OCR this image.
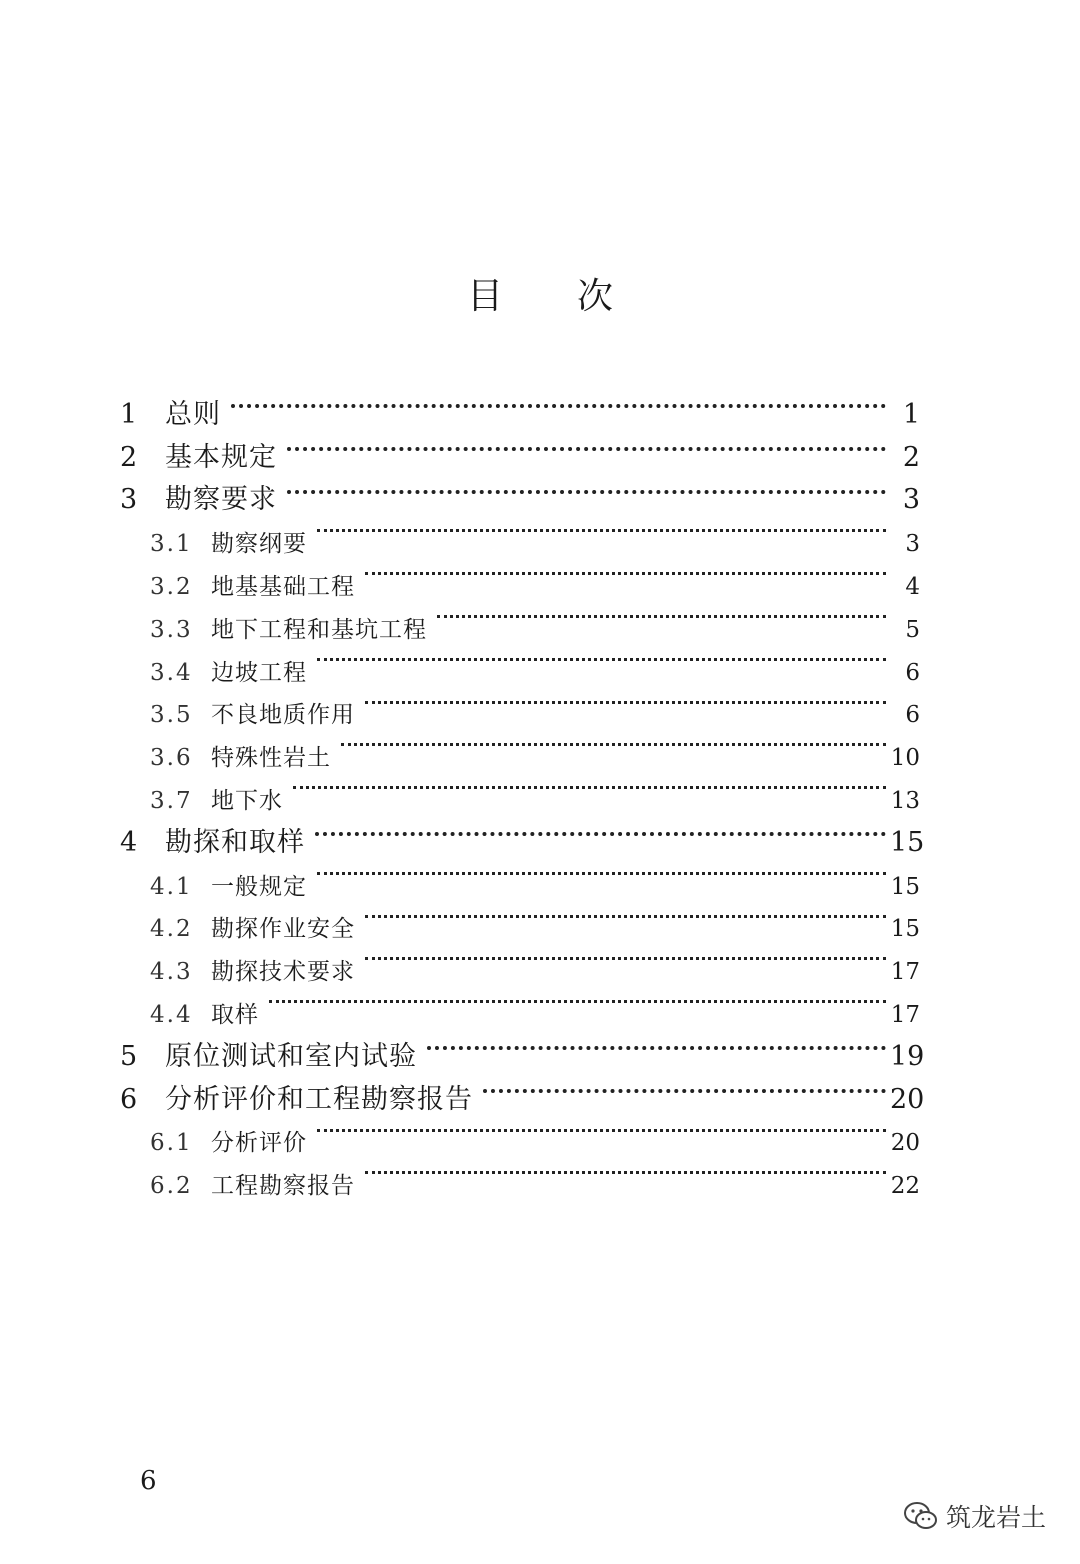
目 次
1	总则	1
2	基本规定	2
3	勘察要求	3
3.1 勘察纲要	3
3.2 地基基础工程	4
3.3 地下工程和基坑工程	5
3.4 边坡工程	6
3.5 不良地质作用	6
3.6 特殊性岩土	10
3.7 地下水	13
4	勘探和取样	15
4.1 一般规定	15
4.2 勘探作业安全	15
4.3 勘探技术要求	17
4.4 取样	17
5	原位测试和室内试验	19
6	分析评价和工程勘察报告	20
6.1 分析评价	20
6.2 工程勘察报告	22
6
筑龙岩土
